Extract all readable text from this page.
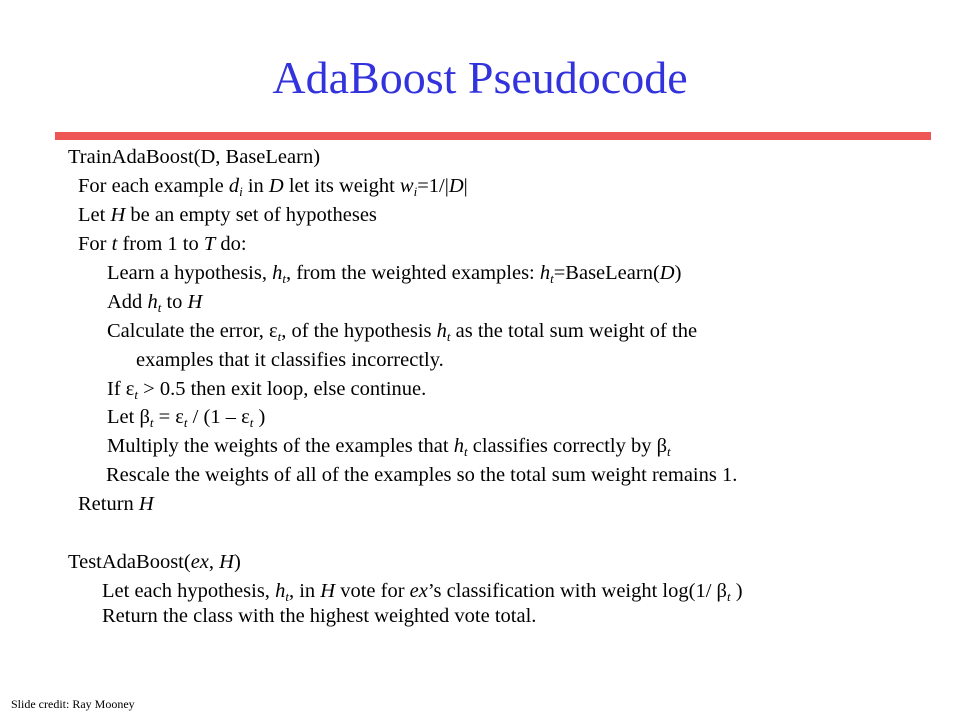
AdaBoost Pseudocode
TrainAdaBoost(D, BaseLearn)
For each example $d_i$ in D let its weight $w_i=1/|D|$
Let H be an empty set of hypotheses
For t from 1 to T do:
Learn a hypothesis, $h_t$, from the weighted examples: $h_t=BaseLearn(D)$
Add $h_t$ to H
Calculate the error, $\varepsilon_t$, of the hypothesis $h_t$ as the total sum weight of the
examples that it classifies incorrectly.
If $\varepsilon_t > 0.5$ then exit loop, else continue.
Let $\beta_t = \varepsilon_t / (1 - \varepsilon_t$ )
Multiply the weights of the examples that $h_t$ classifies correctly by $\beta_t$
Rescale the weights of all of the examples so the total sum weight remains 1.
Return H
TestAdaBoost(ex, H)
Let each hypothesis, $h_t$, in H vote for ex’s classification with weight log(1/ $\beta_t$ )
Return the class with the highest weighted vote total.
Slide credit: Ray Mooney
